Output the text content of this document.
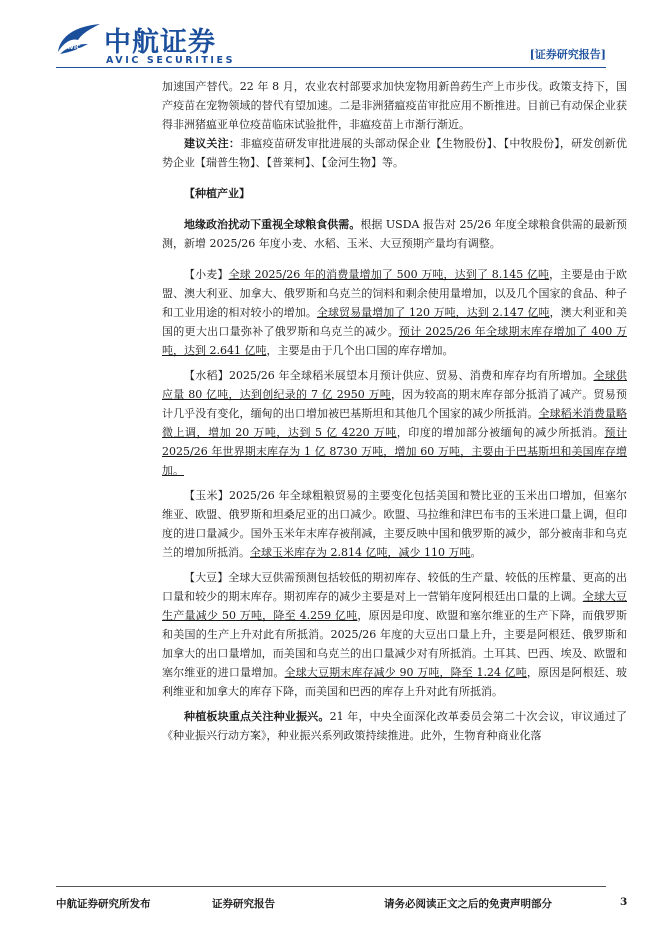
AVIC 中航证券
AVIC SECURITIES	[证券研究报告]

加速国产替代。22 年 8 月，农业农村部要求加快宠物用新兽药生产上市步伐。政策支持下，国产疫苗在宠物领域的替代有望加速。二是非洲猪瘟疫苗审批应用不断推进。目前已有动保企业获得非洲猪瘟亚单位疫苗临床试验批件，非瘟疫苗上市渐行渐近。

建议关注：非瘟疫苗研发审批进展的头部动保企业【生物股份】、【中牧股份】，研发创新优势企业【瑞普生物】、【普莱柯】、【金河生物】等。

【种植产业】

地缘政治扰动下重视全球粮食供需。根据 USDA 报告对 25/26 年度全球粮食供需的最新预测，新增 2025/26 年度小麦、水稻、玉米、大豆预期产量均有调整。

【小麦】全球 2025/26 年的消费量增加了 500 万吨，达到了 8.145 亿吨，主要是由于欧盟、澳大利亚、加拿大、俄罗斯和乌克兰的饲料和剩余使用量增加，以及几个国家的食品、种子和工业用途的相对较小的增加。全球贸易量增加了 120 万吨，达到 2.147 亿吨，澳大利亚和美国的更大出口量弥补了俄罗斯和乌克兰的减少。预计 2025/26 年全球期末库存增加了 400 万吨，达到 2.641 亿吨，主要是由于几个出口国的库存增加。

【水稻】2025/26 年全球稻米展望本月预计供应、贸易、消费和库存均有所增加。全球供应量 80 亿吨，达到创纪录的 7 亿 2950 万吨，因为较高的期末库存部分抵消了减产。贸易预计几乎没有变化，缅甸的出口增加被巴基斯坦和其他几个国家的减少所抵消。全球稻米消费量略微上调，增加 20 万吨，达到 5 亿 4220 万吨，印度的增加部分被缅甸的减少所抵消。预计 2025/26 年世界期末库存为 1 亿 8730 万吨，增加 60 万吨，主要由于巴基斯坦和美国库存增加。

【玉米】2025/26 年全球粗粮贸易的主要变化包括美国和赞比亚的玉米出口增加，但塞尔维亚、欧盟、俄罗斯和坦桑尼亚的出口减少。欧盟、马拉维和津巴布韦的玉米进口量上调，但印度的进口量减少。国外玉米年末库存被削减，主要反映中国和俄罗斯的减少，部分被南非和乌克兰的增加所抵消。全球玉米库存为 2.814 亿吨，减少 110 万吨。

【大豆】全球大豆供需预测包括较低的期初库存、较低的生产量、较低的压榨量、更高的出口量和较少的期末库存。期初库存的减少主要是对上一营销年度阿根廷出口量的上调。全球大豆生产量减少 50 万吨，降至 4.259 亿吨，原因是印度、欧盟和塞尔维亚的生产下降，而俄罗斯和美国的生产上升对此有所抵消。2025/26 年度的大豆出口量上升，主要是阿根廷、俄罗斯和加拿大的出口量增加，而美国和乌克兰的出口量减少对有所抵消。土耳其、巴西、埃及、欧盟和塞尔维亚的进口量增加。全球大豆期末库存减少 90 万吨，降至 1.24 亿吨，原因是阿根廷、玻利维亚和加拿大的库存下降，而美国和巴西的库存上升对此有所抵消。

种植板块重点关注种业振兴。21 年，中央全面深化改革委员会第二十次会议，审议通过了《种业振兴行动方案》，种业振兴系列政策持续推进。此外，生物育种商业化落

中航证券研究所发布	证券研究报告	请务必阅读正文之后的免责声明部分	3
